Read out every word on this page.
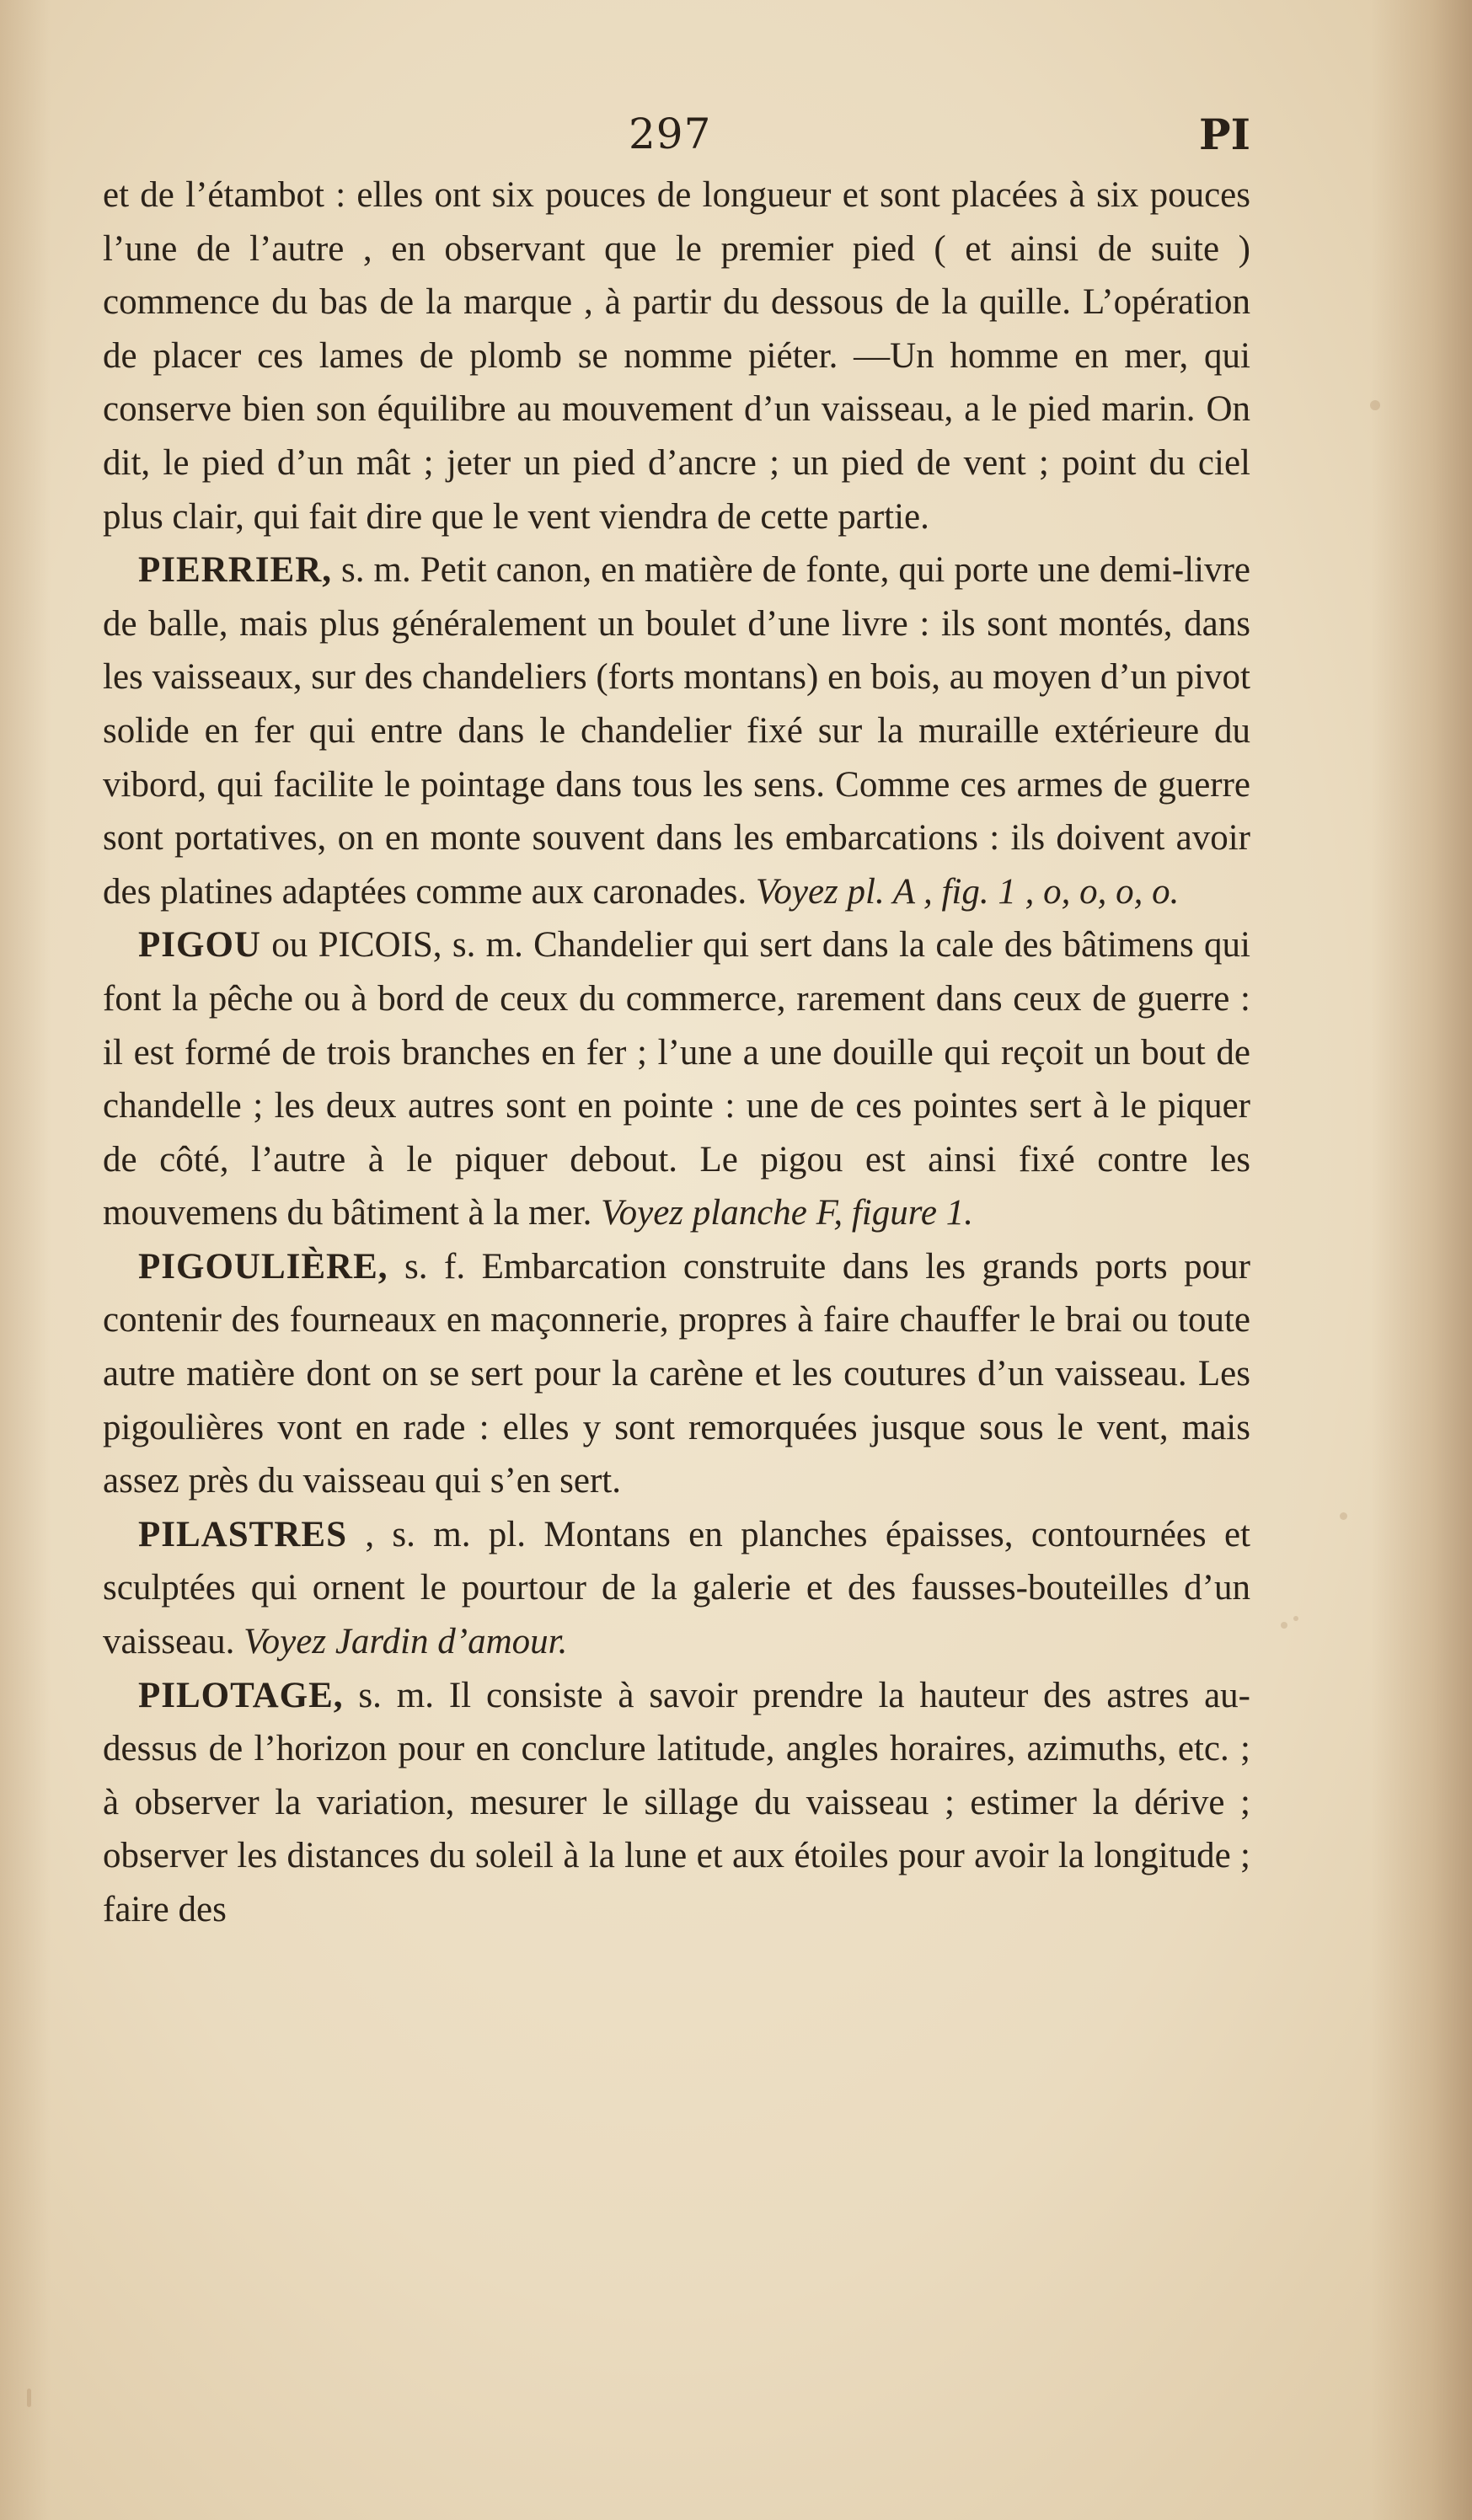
297	PI

et de l’étambot : elles ont six pouces de longueur et sont placées à six pouces l’une de l’autre , en observant que le premier pied ( et ainsi de suite ) commence du bas de la marque , à partir du dessous de la quille. L’opération de placer ces lames de plomb se nomme piéter. —Un homme en mer, qui conserve bien son équilibre au mouvement d’un vaisseau, a le pied marin. On dit, le pied d’un mât ; jeter un pied d’ancre ; un pied de vent ; point du ciel plus clair, qui fait dire que le vent viendra de cette partie.

PIERRIER, s. m. Petit canon, en matière de fonte, qui porte une demi-livre de balle, mais plus généralement un boulet d’une livre : ils sont montés, dans les vaisseaux, sur des chandeliers (forts montans) en bois, au moyen d’un pivot solide en fer qui entre dans le chandelier fixé sur la muraille extérieure du vibord, qui facilite le pointage dans tous les sens. Comme ces armes de guerre sont portatives, on en monte souvent dans les embarcations : ils doivent avoir des platines adaptées comme aux caronades. Voyez pl. A , fig. 1 , o, o, o, o.

PIGOU ou PICOIS, s. m. Chandelier qui sert dans la cale des bâtimens qui font la pêche ou à bord de ceux du commerce, rarement dans ceux de guerre : il est formé de trois branches en fer ; l’une a une douille qui reçoit un bout de chandelle ; les deux autres sont en pointe : une de ces pointes sert à le piquer de côté, l’autre à le piquer debout. Le pigou est ainsi fixé contre les mouvemens du bâtiment à la mer. Voyez planche F, figure 1.

PIGOULIÈRE, s. f. Embarcation construite dans les grands ports pour contenir des fourneaux en maçonnerie, propres à faire chauffer le brai ou toute autre matière dont on se sert pour la carène et les coutures d’un vaisseau. Les pigoulières vont en rade : elles y sont remorquées jusque sous le vent, mais assez près du vaisseau qui s’en sert.

PILASTRES , s. m. pl. Montans en planches épaisses, contournées et sculptées qui ornent le pourtour de la galerie et des fausses-bouteilles d’un vaisseau. Voyez Jardin d’amour.

PILOTAGE, s. m. Il consiste à savoir prendre la hauteur des astres au-dessus de l’horizon pour en conclure latitude, angles horaires, azimuths, etc. ; à observer la variation, mesurer le sillage du vaisseau ; estimer la dérive ; observer les distances du soleil à la lune et aux étoiles pour avoir la longitude ; faire des
